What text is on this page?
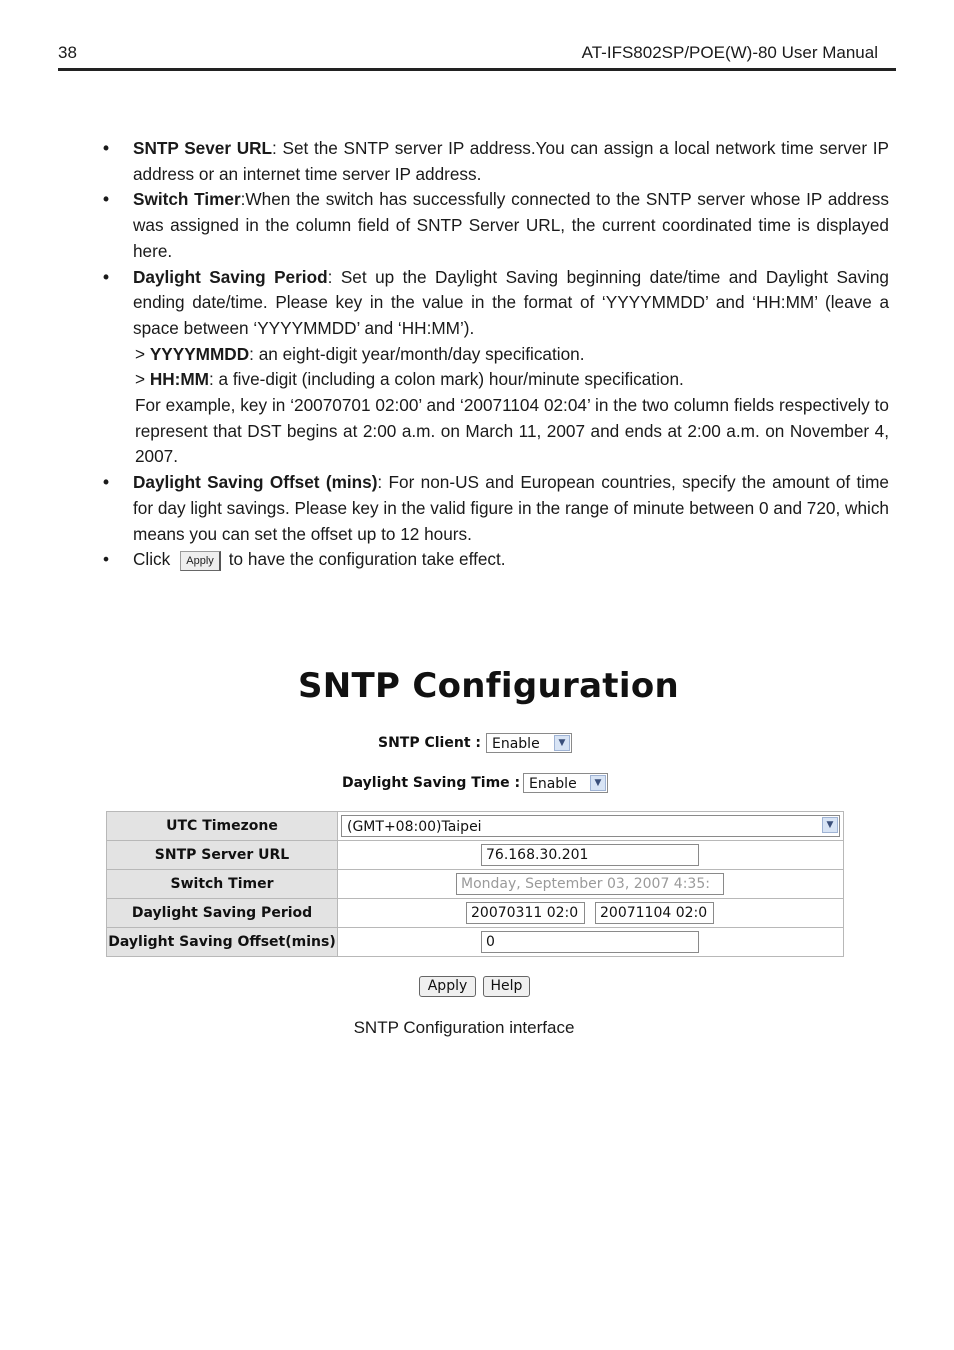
38	AT-IFS802SP/POE(W)-80 User Manual
• SNTP Sever URL: Set the SNTP server IP address.You can assign a local network time server IP address or an internet time server IP address.
• Switch Timer:When the switch has successfully connected to the SNTP server whose IP address was assigned in the column field of SNTP Server URL, the current coordinated time is displayed here.
• Daylight Saving Period: Set up the Daylight Saving beginning date/time and Daylight Saving ending date/time. Please key in the value in the format of ‘YYYYMMDD’ and ‘HH:MM’ (leave a space between ‘YYYYMMDD’ and ‘HH:MM’).
> YYYYMMDD: an eight-digit year/month/day specification.
> HH:MM: a five-digit (including a colon mark) hour/minute specification.
For example, key in ‘20070701 02:00’ and ‘20071104 02:04’ in the two column fields respectively to represent that DST begins at 2:00 a.m. on March 11, 2007 and ends at 2:00 a.m. on November 4, 2007.
• Daylight Saving Offset (mins): For non-US and European countries, specify the amount of time for day light savings. Please key in the valid figure in the range of minute between 0 and 720, which means you can set the offset up to 12 hours.
• Click Apply to have the configuration take effect.
SNTP Configuration
SNTP Client : Enable	▼
Daylight Saving Time : Enable	▼
UTC Timezone	(GMT+08:00)Taipei ▼

SNTP Server URL	76.168.30.201

Switch Timer	Monday, September 03, 2007 4:35:

Daylight Saving Period	20070311 02:0 20071104 02:0

Daylight Saving Offset(mins)	0
Apply	Help
SNTP Configuration interface
